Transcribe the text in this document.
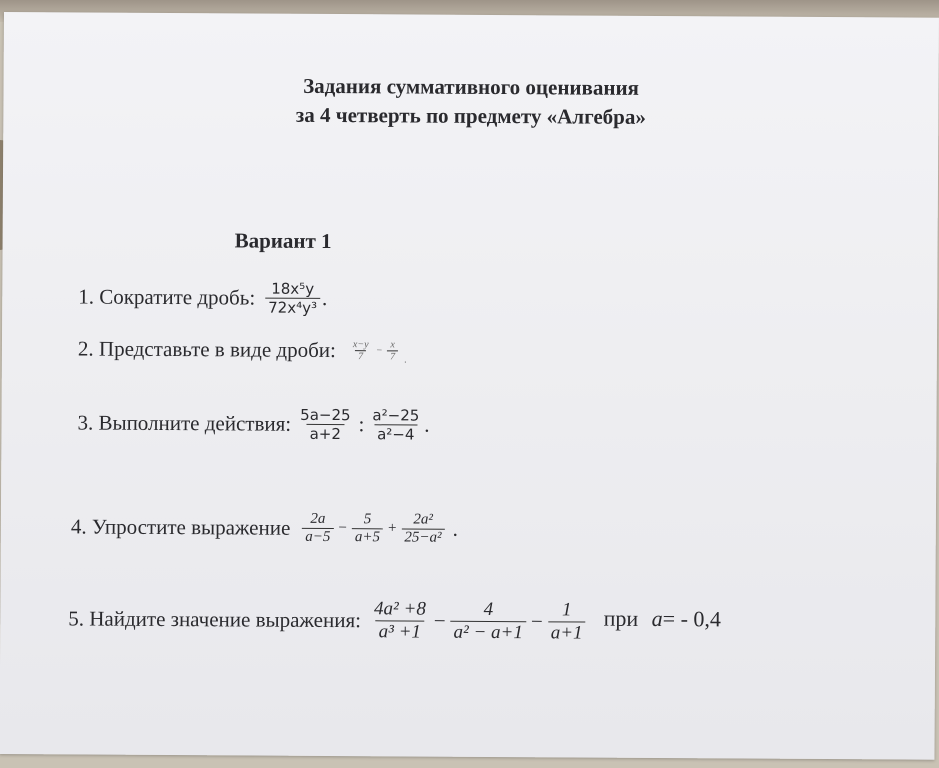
Задания суммативного оценивания
за 4 четверть по предмету «Алгебра»
Вариант 1
1. Сократите дробь: $\frac{\text{18x⁵y}}{\text{72x⁴y³}}$ .
2. Представьте в виде дроби: $\frac{x-y}{7} - \frac{x}{7}$ .
3. Выполните действия: $\frac{5a-25}{a+2}$ : $\frac{\text{a²−25}}{\text{a²−4}}$ .
4. Упростите выражение $\frac{2a}{a-5} - \frac{5}{a+5} + \frac{\text{2a²}}{\text{25−a²}}$ .
5. Найдите значение выражения: $\frac{\text{4a² +8}}{\text{a³ +1}} - \frac{4}{\text{a² − a+1}} - \frac{1}{a+1}$ при a= - 0,4
